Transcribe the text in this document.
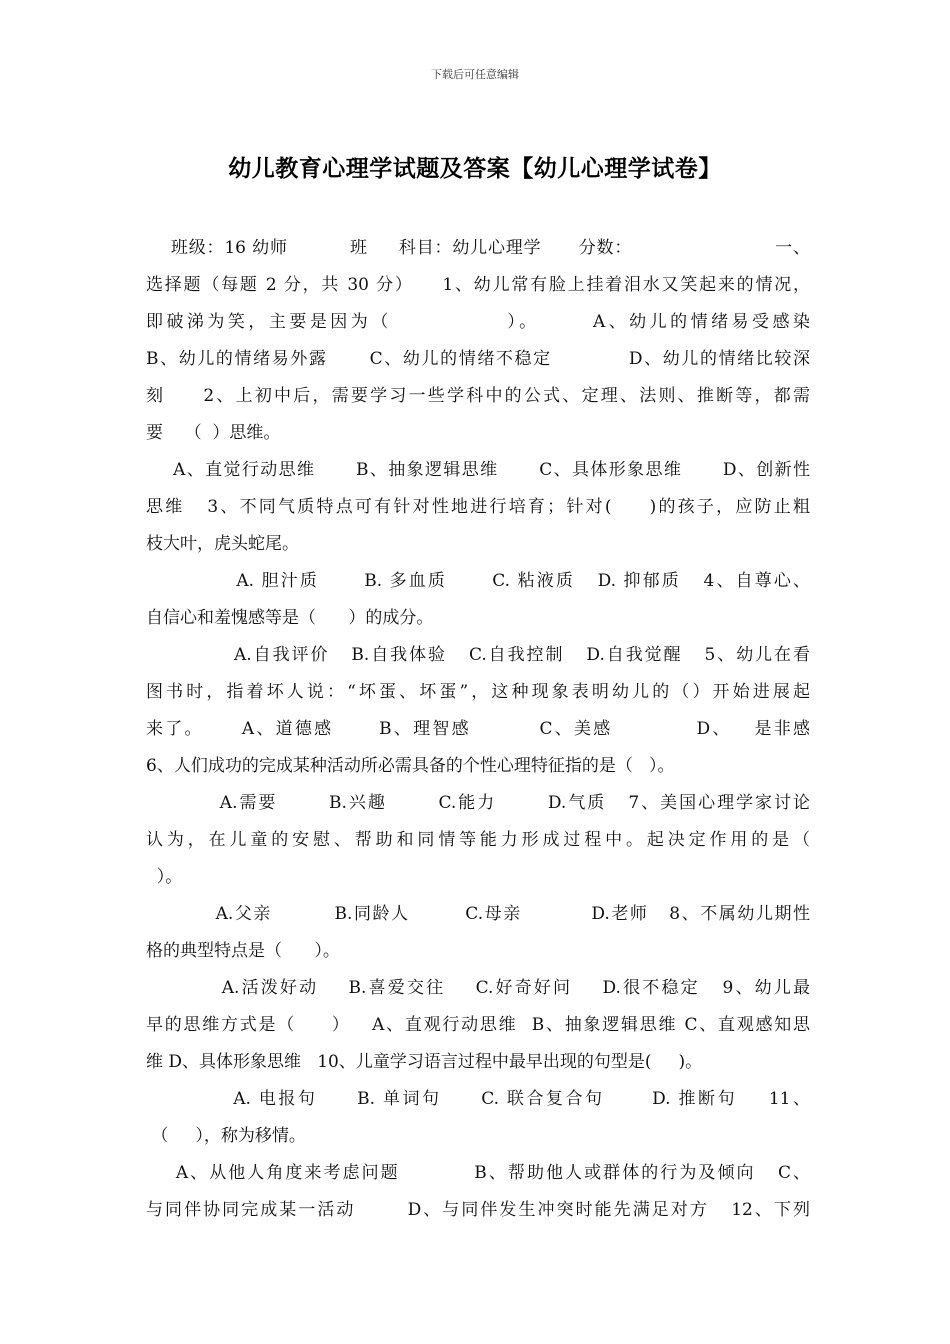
下载后可任意编辑
幼儿教育心理学试题及答案【幼儿心理学试卷】
班级：16 幼师          班     科目：幼儿心理学      分数：                       一、
选择题（每题 2 分，共 30 分）    1、幼儿常有脸上挂着泪水又笑起来的情况，
即破涕为笑，主要是因为（             ）。      A、幼儿的情绪易受感染
B、幼儿的情绪易外露      C、幼儿的情绪不稳定           D、幼儿的情绪比较深
刻     2、上初中后，需要学习一些学科中的公式、定理、法则、推断等，都需
要    （  ）思维。
A、直觉行动思维      B、抽象逻辑思维      C、具体形象思维      D、创新性
思维   3、不同气质特点可有针对性地进行培育；针对(     )的孩子，应防止粗
枝大叶，虎头蛇尾。
A. 胆汁质      B. 多血质      C. 粘液质   D. 抑郁质   4、自尊心、
自信心和羞愧感等是（      ）的成分。
A.自我评价   B.自我体验   C.自我控制   D.自我觉醒   5、幼儿在看
图书时，指着坏人说：“坏蛋、坏蛋”，这种现象表明幼儿的（）开始进展起
来了。     A、道德感      B、理智感         C、美感           D、   是非感
6、人们成功的完成某种活动所必需具备的个性心理特征指的是（   ）。
A.需要       B.兴趣       C.能力       D.气质   7、美国心理学家讨论
认为，在儿童的安慰、帮助和同情等能力形成过程中。起决定作用的是（
）。
A.父亲         B.同龄人        C.母亲          D.老师   8、不属幼儿期性
格的典型特点是（      ）。
A.活泼好动    B.喜爱交往    C.好奇好问    D.很不稳定   9、幼儿最
早的思维方式是（     ）   A、直观行动思维  B、抽象逻辑思维 C、直观感知思
维 D、具体形象思维   10、儿童学习语言过程中最早出现的句型是(     )。
A. 电报句     B. 单词句     C. 联合复合句      D. 推断句    11、
（     ），称为移情。
A、从他人角度来考虑问题          B、帮助他人或群体的行为及倾向   C、
与同伴协同完成某一活动       D、与同伴发生冲突时能先满足对方   12、下列
